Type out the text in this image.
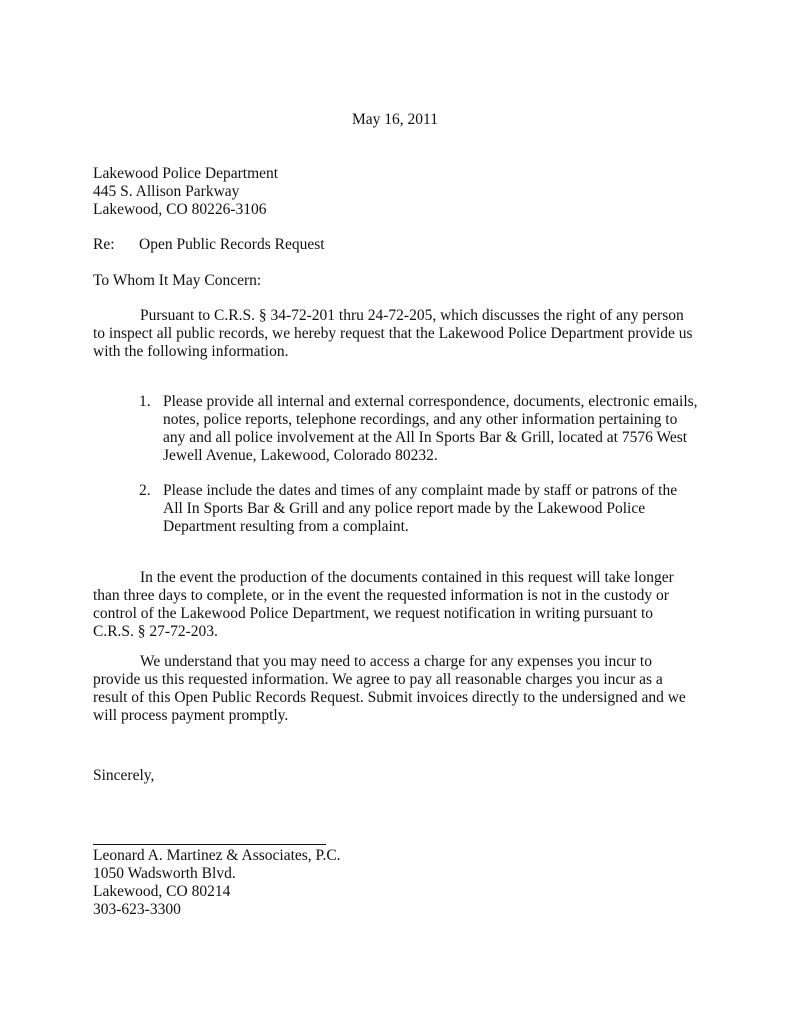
May 16, 2011
Lakewood Police Department
445 S. Allison Parkway
Lakewood, CO 80226-3106
Re: Open Public Records Request
To Whom It May Concern:
Pursuant to C.R.S. § 34-72-201 thru 24-72-205, which discusses the right of any person
to inspect all public records, we hereby request that the Lakewood Police Department provide us
with the following information.
1. Please provide all internal and external correspondence, documents, electronic emails,
notes, police reports, telephone recordings, and any other information pertaining to
any and all police involvement at the All In Sports Bar & Grill, located at 7576 West
Jewell Avenue, Lakewood, Colorado 80232.
2. Please include the dates and times of any complaint made by staff or patrons of the
All In Sports Bar & Grill and any police report made by the Lakewood Police
Department resulting from a complaint.
In the event the production of the documents contained in this request will take longer
than three days to complete, or in the event the requested information is not in the custody or
control of the Lakewood Police Department, we request notification in writing pursuant to
C.R.S. § 27-72-203.
We understand that you may need to access a charge for any expenses you incur to
provide us this requested information. We agree to pay all reasonable charges you incur as a
result of this Open Public Records Request. Submit invoices directly to the undersigned and we
will process payment promptly.
Sincerely,
Leonard A. Martinez & Associates, P.C.
1050 Wadsworth Blvd.
Lakewood, CO 80214
303-623-3300
